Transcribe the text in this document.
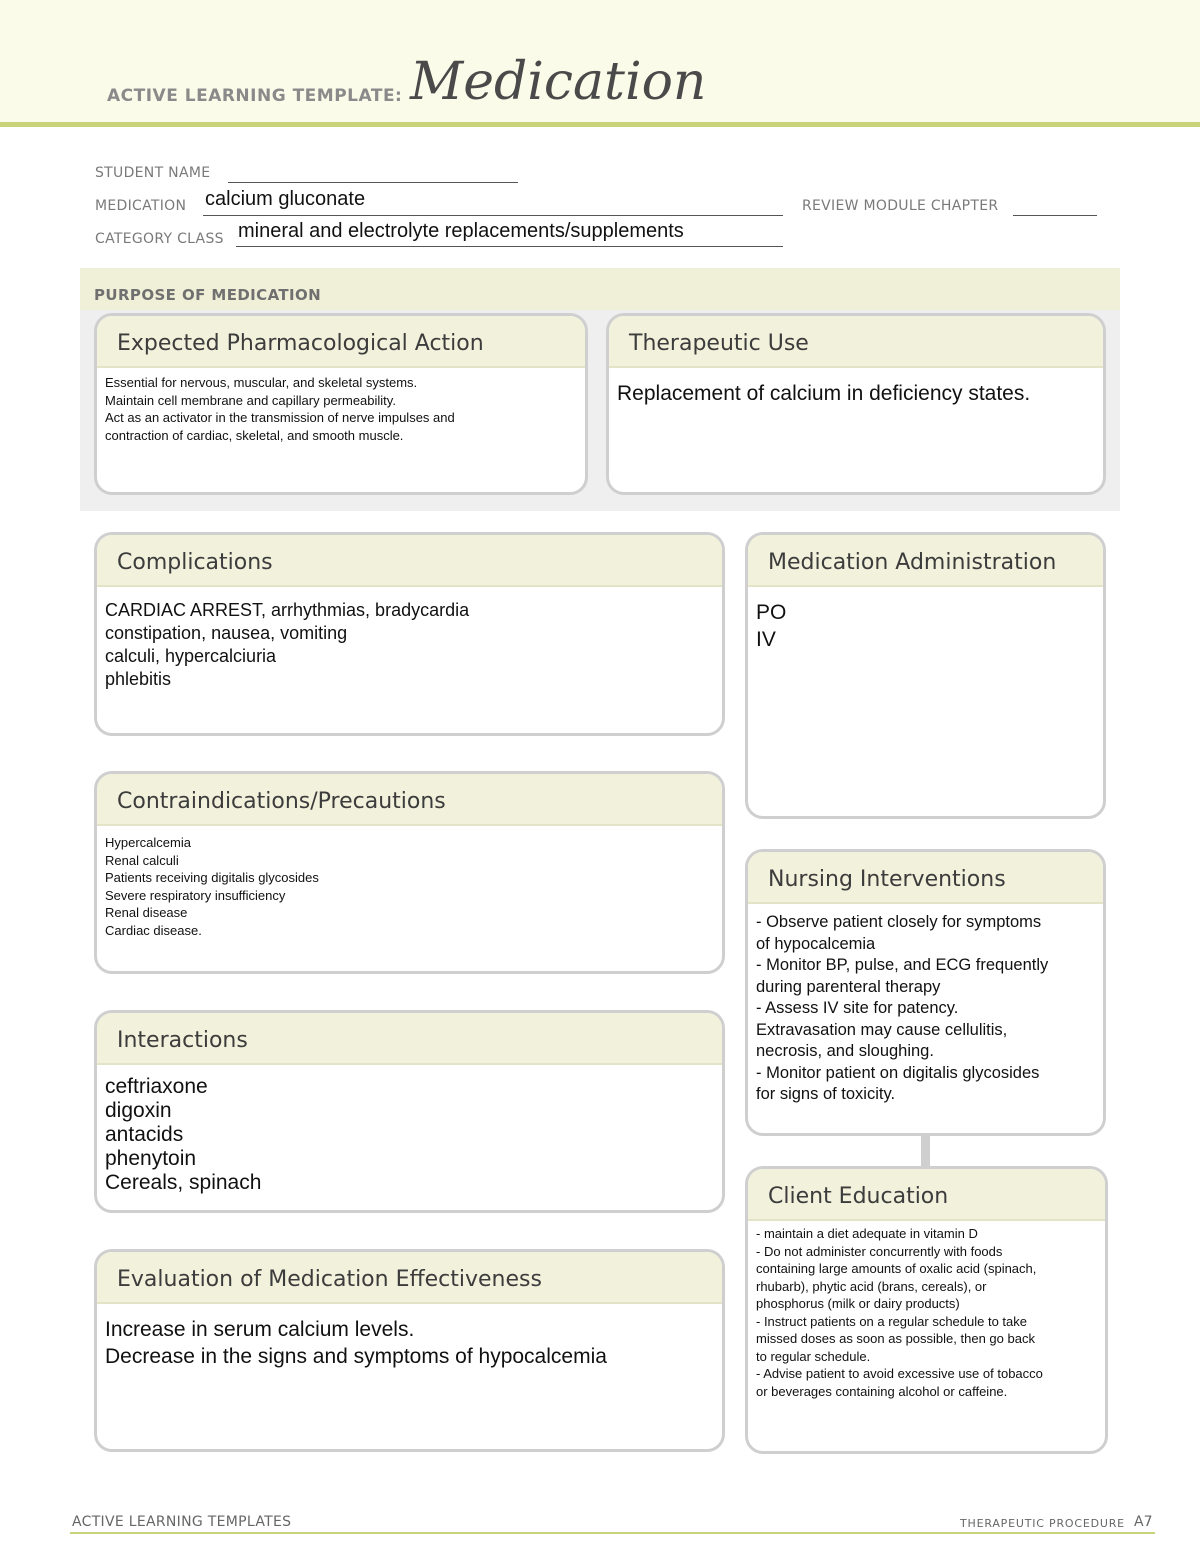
ACTIVE LEARNING TEMPLATE: Medication
STUDENT NAME
MEDICATION calcium gluconate	REVIEW MODULE CHAPTER
CATEGORY CLASS mineral and electrolyte replacements/supplements
PURPOSE OF MEDICATION
Expected Pharmacological Action
Essential for nervous, muscular, and skeletal systems.
Maintain cell membrane and capillary permeability.
Act as an activator in the transmission of nerve impulses and
contraction of cardiac, skeletal, and smooth muscle.
Therapeutic Use
Replacement of calcium in deficiency states.
Complications
CARDIAC ARREST, arrhythmias, bradycardia
constipation, nausea, vomiting
calculi, hypercalciuria
phlebitis
Contraindications/Precautions
Hypercalcemia
Renal calculi
Patients receiving digitalis glycosides
Severe respiratory insufficiency
Renal disease
Cardiac disease.
Interactions
ceftriaxone
digoxin
antacids
phenytoin
Cereals, spinach
Evaluation of Medication Effectiveness
Increase in serum calcium levels.
Decrease in the signs and symptoms of hypocalcemia
Medication Administration
PO
IV
Nursing Interventions
- Observe patient closely for symptoms
of hypocalcemia
- Monitor BP, pulse, and ECG frequently
during parenteral therapy
- Assess IV site for patency.
Extravasation may cause cellulitis,
necrosis, and sloughing.
- Monitor patient on digitalis glycosides
for signs of toxicity.
Client Education
- maintain a diet adequate in vitamin D
- Do not administer concurrently with foods
containing large amounts of oxalic acid (spinach,
rhubarb), phytic acid (brans, cereals), or
phosphorus (milk or dairy products)
- Instruct patients on a regular schedule to take
missed doses as soon as possible, then go back
to regular schedule.
- Advise patient to avoid excessive use of tobacco
or beverages containing alcohol or caffeine.
ACTIVE LEARNING TEMPLATES	THERAPEUTIC PROCEDURE A7
